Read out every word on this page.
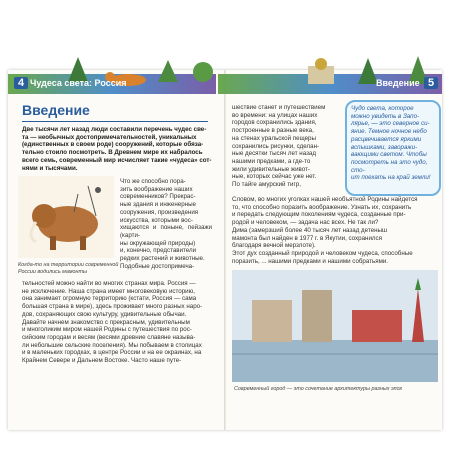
4 Чудеса света: Россия	Введение 5
Введение
Две тысячи лет назад люди составили перечень чудес све-
та — необычных достопримечательностей, уникальных
(единственных в своем роде) сооружений, которые обяза-
тельно стоило посмотреть. В Древнем мире их набралось
всего семь, современный мир исчисляет такие «чудеса» сот-
нями и тысячами.
Когда-то на территории современной
России водились мамонты
Что же способно пора-
зить воображение наших
современников? Прекрас-
ные здания и инженерные
сооружения, произведения
искусства, которыми вос-
хищаются и поныне, пейзажи (карти-
ны окружающей природы)
и, конечно, представители
редких растений и животные.
Подобные достопримеча-
тельностей можно найти во многих странах мира. Россия —
не исключение. Наша страна имеет многовековую историю,
она занимает огромную территорию (кстати, Россия — сама
большая страна в мире), здесь проживает много разных наро-
дов, сохраняющих свою культуру, удивительные обычаи.
Давайте начнем знакомство с прекрасным, удивительным
и многоликим миром нашей Родины с путешествия по рос-
сийским городам и весям (весями древние славяне называ-
ли небольшие сельские поселения). Мы побываем в столицах
и в маленьких городках, в центре России и на ее окраинах, на
Крайнем Севере и Дальнем Востоке. Часто наше путе-
шествие станет и путешествием
во времени: на улицах наших
городов сохранились здания,
построенные в разные века,
на стенах уральской пещеры
сохранились рисунки, сделан-
ные десятки тысяч лет назад
нашими предками, а где-то
жили удивительные живот-
ные, которых сейчас уже нет.
По тайге амурский тигр,
Чудо света, которое
можно увидеть в Запо-
лярье, — это северное си-
яние. Темное ночное небо
расцвечивается яркими
вспышками, заворажи-
вающими светом. Чтобы
посмотреть на это чудо, сто-
ит поехать на край земли!
Словом, во многих уголках нашей необъятной Родины найдется
то, что способно поразить воображение. Узнать их, сохранить
и передать следующим поколениям чудеса, созданные при-
родой и человеком, — задача нас всех. Не так ли?
Дима (замерзший более 40 тысяч лет назад детеныш
мамонта был найден в 1977 г. в Якутии, сохранился
благодаря вечной мерзлоте).
Этот дух созданный природой и человеком чудеса, способные
поразить, ... нашими предками и нашими собратьями.
Современный город — это сочетание архитектуры разных эпох
